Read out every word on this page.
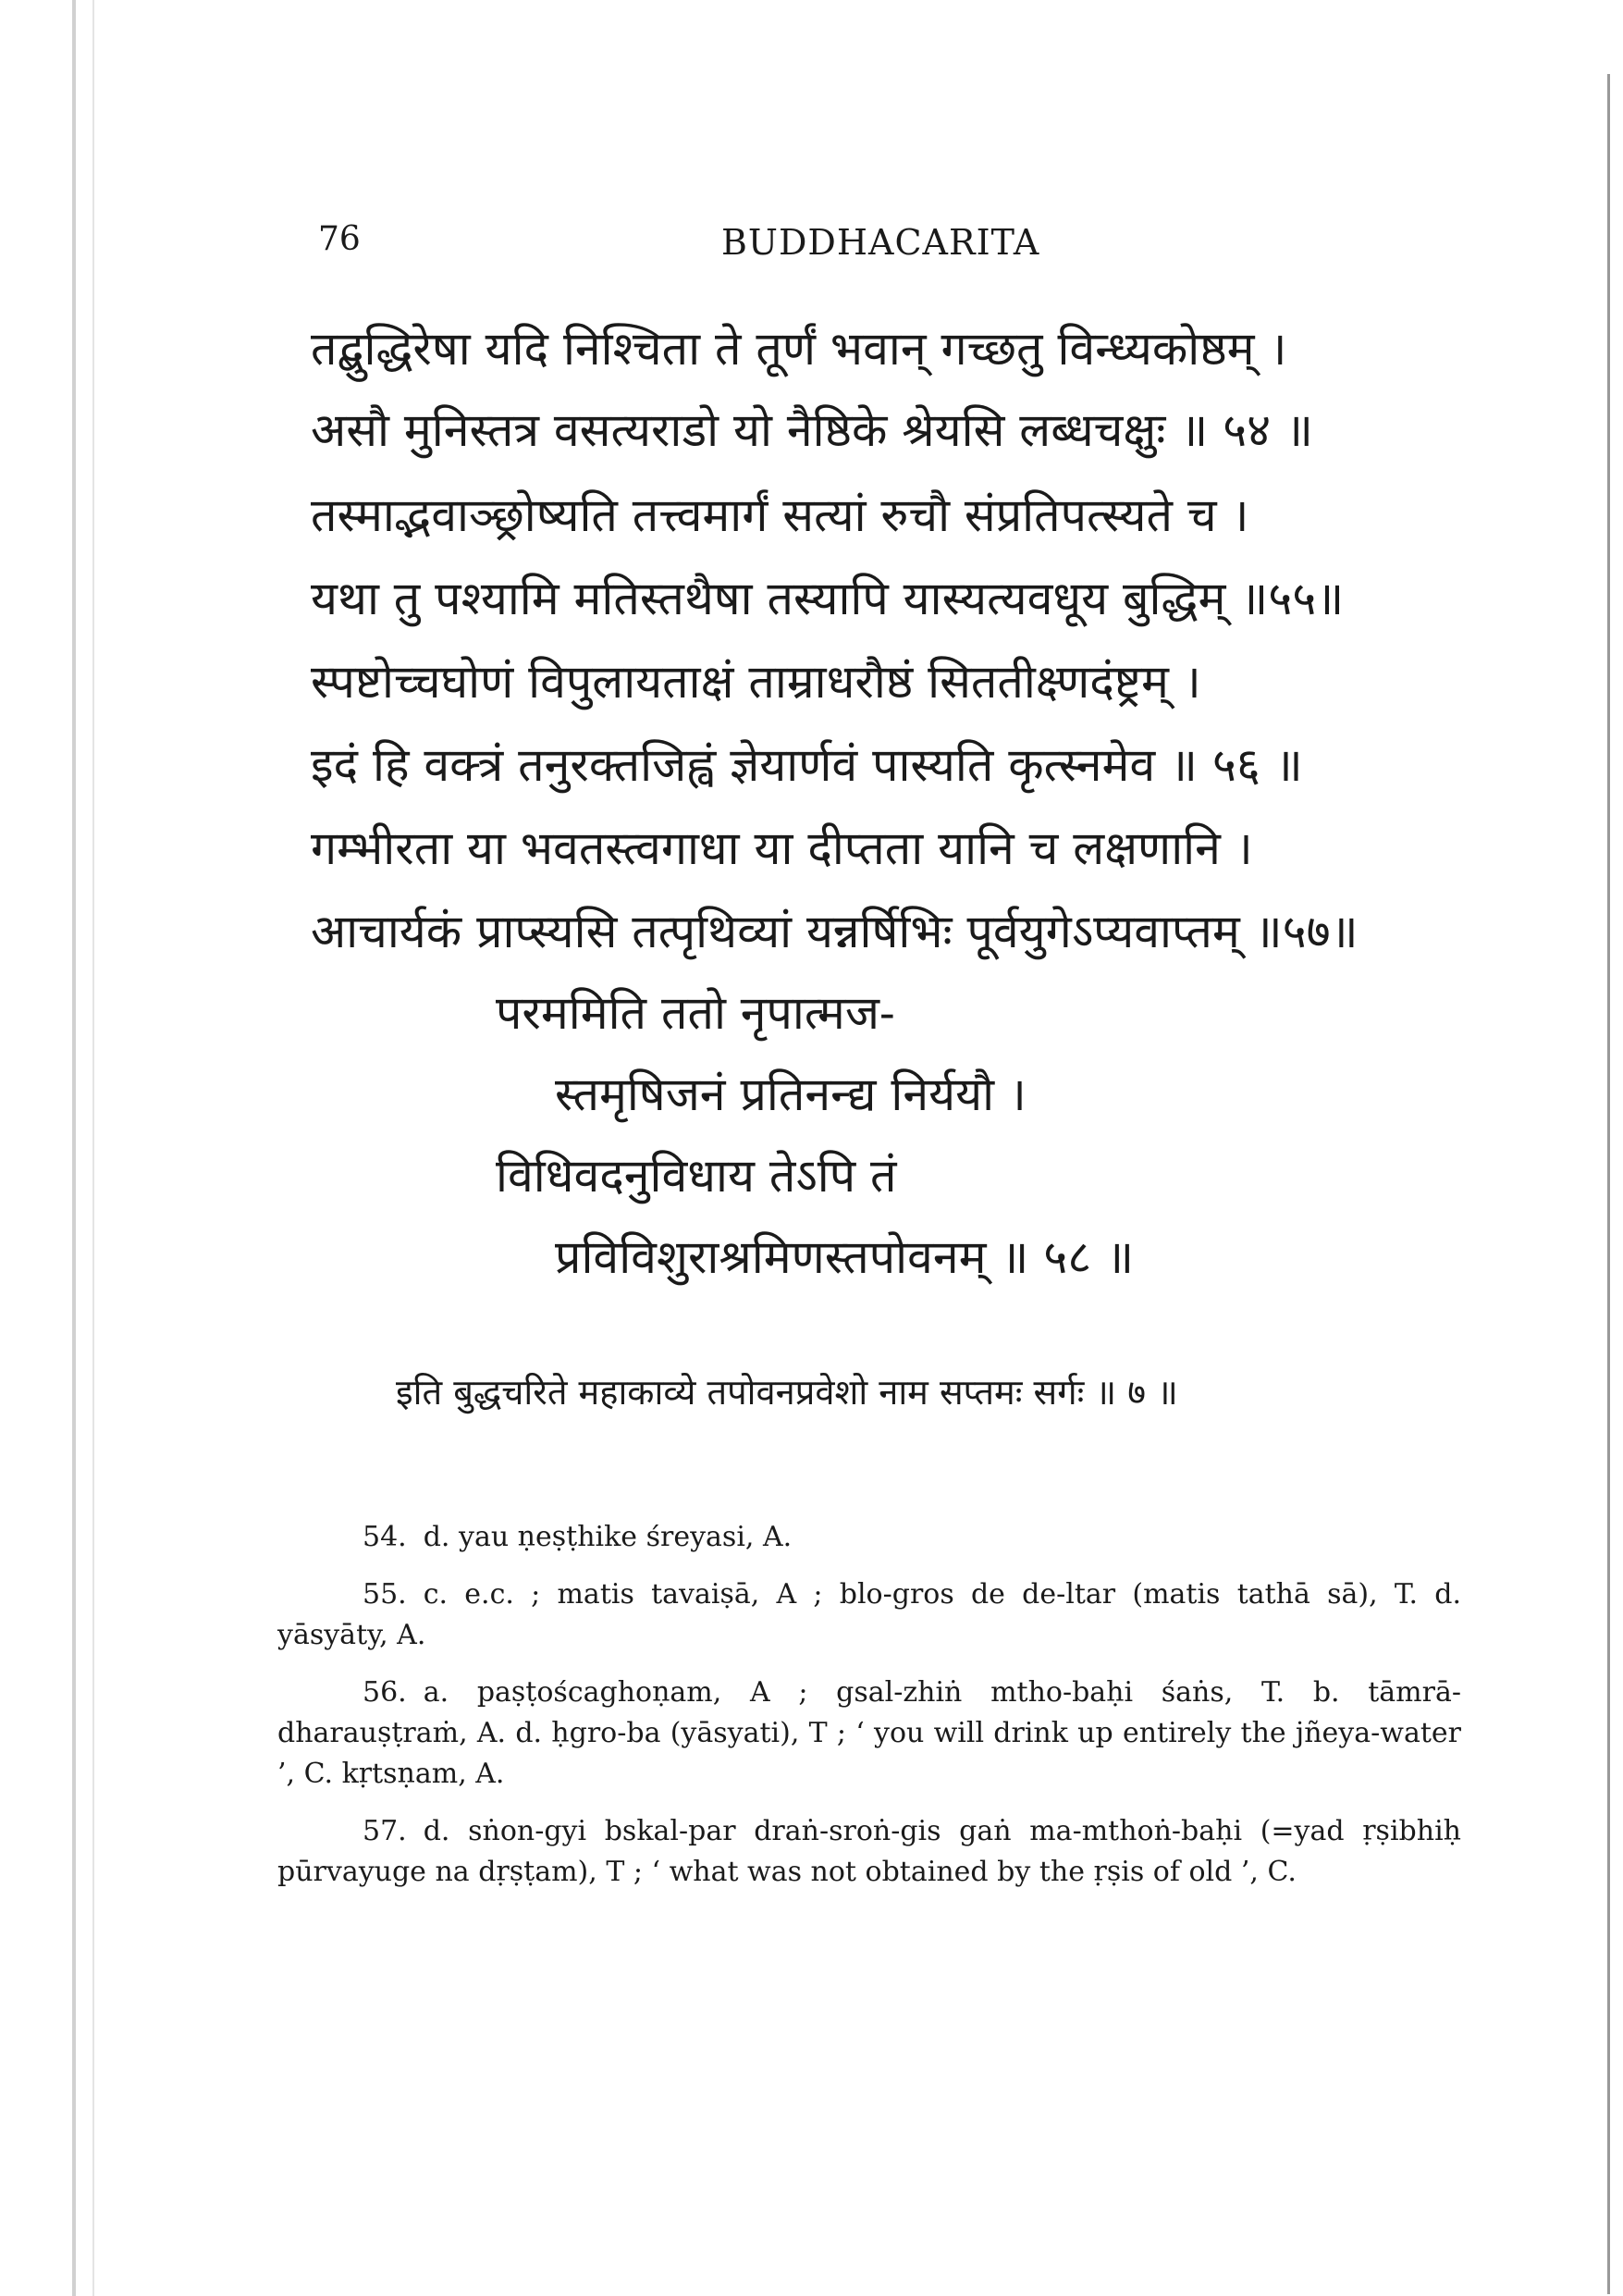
76	BUDDHACARITA
तद्बुद्धिरेषा यदि निश्चिता ते तूर्णं भवान् गच्छतु विन्ध्यकोष्ठम् ।
असौ मुनिस्तत्र वसत्यराडो यो नैष्ठिके श्रेयसि लब्धचक्षुः ॥ ५४ ॥
तस्माद्भवाञ्छ्रोष्यति तत्त्वमार्गं सत्यां रुचौ संप्रतिपत्स्यते च ।
यथा तु पश्यामि मतिस्तथैषा तस्यापि यास्यत्यवधूय बुद्धिम् ॥५५॥
स्पष्टोच्चघोणं विपुलायताक्षं ताम्राधरौष्ठं सिततीक्ष्णदंष्ट्रम् ।
इदं हि वक्त्रं तनुरक्तजिह्वं ज्ञेयार्णवं पास्यति कृत्स्नमेव ॥ ५६ ॥
गम्भीरता या भवतस्त्वगाधा या दीप्तता यानि च लक्षणानि ।
आचार्यकं प्राप्स्यसि तत्पृथिव्यां यन्नर्षिभिः पूर्वयुगेऽप्यवाप्तम् ॥५७॥
परममिति ततो नृपात्मज-
स्तमृषिजनं प्रतिनन्द्य निर्ययौ ।
विधिवदनुविधाय तेऽपि तं
प्रविविशुराश्रमिणस्तपोवनम् ॥ ५८ ॥
इति बुद्धचरिते महाकाव्ये तपोवनप्रवेशो नाम सप्तमः सर्गः ॥ ७ ॥

54. d. yau ṇeṣṭhike śreyasi, A.

55. c. e.c. ; matis tavaiṣā, A ; blo-gros de de-ltar (matis tathā sā), T. d. yāsyāty, A.

56. a. paṣṭoścaghoṇam, A ; gsal-zhiṅ mtho-baḥi śaṅs, T. b. tāmrā-dharauṣṭraṁ, A. d. ḥgro-ba (yāsyati), T ; ‘ you will drink up entirely the jñeya-water ’, C. kṛtsṇam, A.

57. d. sṅon-gyi bskal-par draṅ-sroṅ-gis gaṅ ma-mthoṅ-baḥi (=yad ṛṣibhiḥ pūrvayuge na dṛṣṭam), T ; ‘ what was not obtained by the ṛṣis of old ’, C.
